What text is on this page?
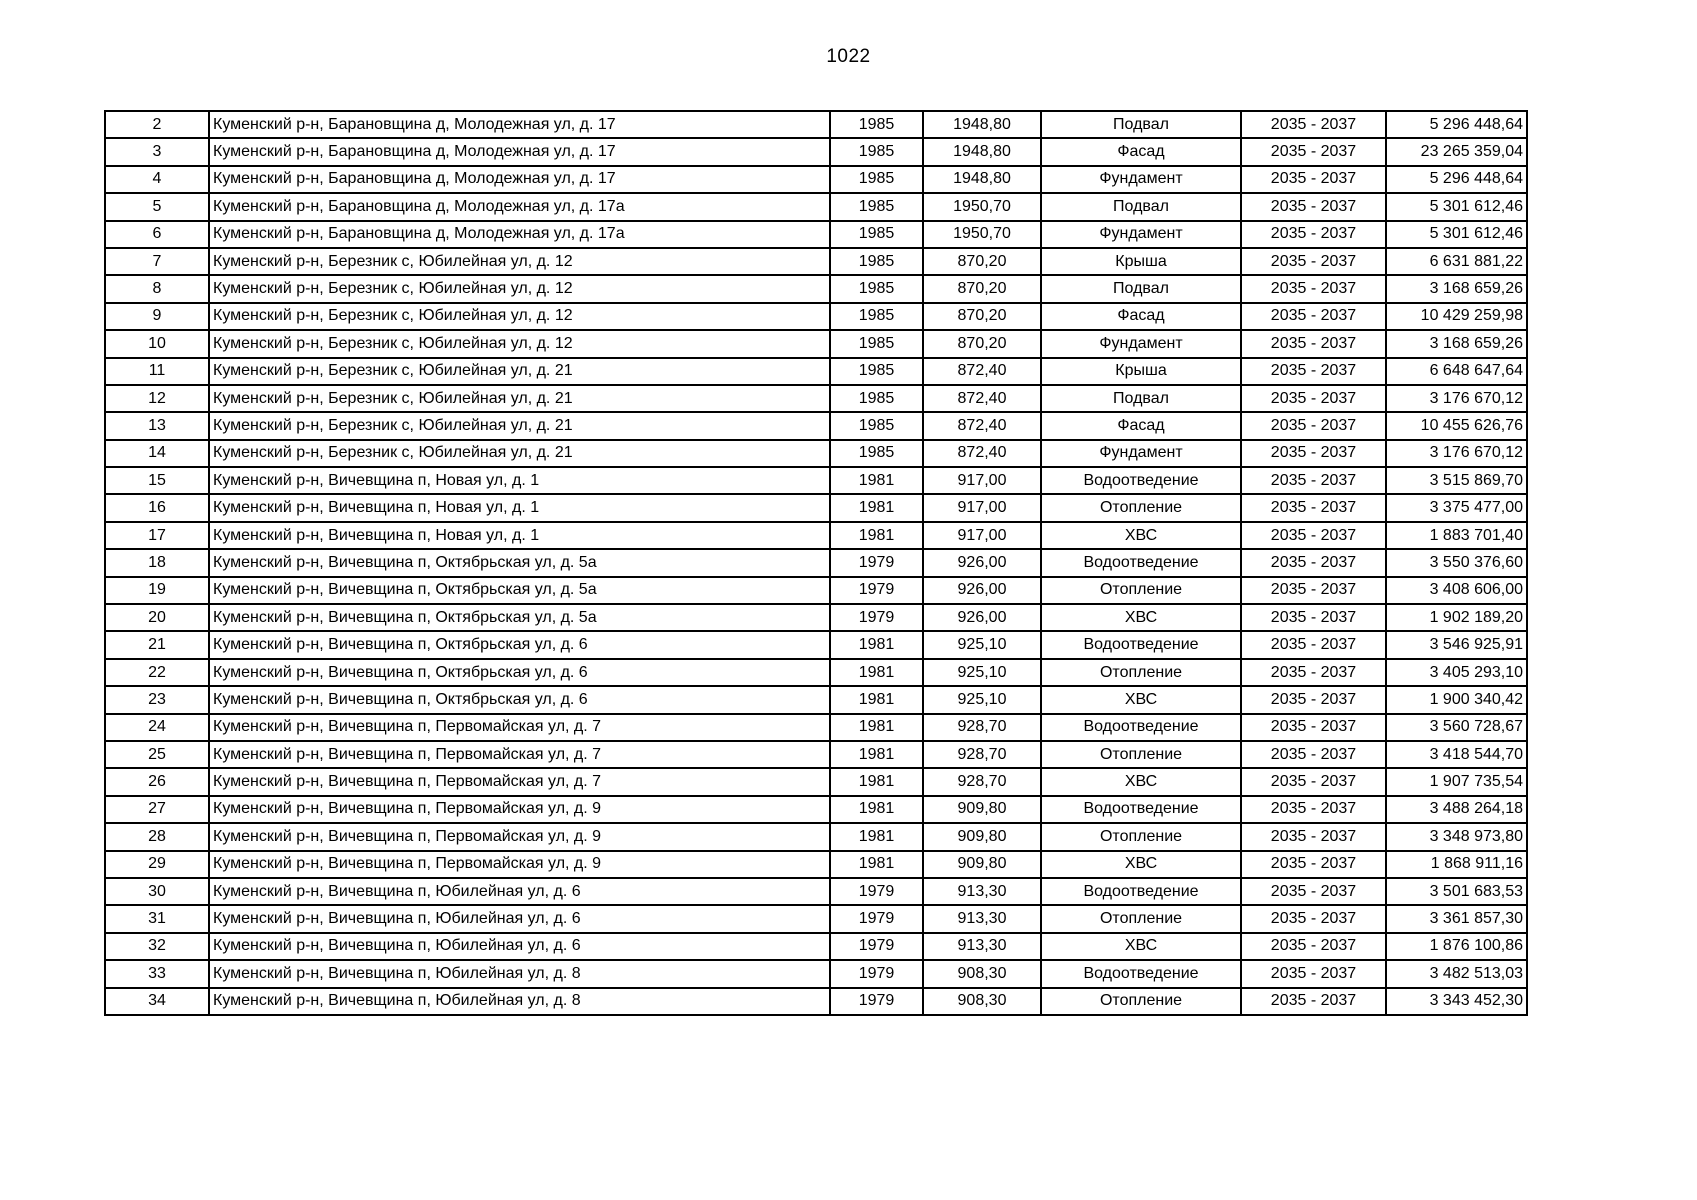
1022
2	Куменский р-н, Барановщина д, Молодежная ул, д. 17	1985	1948,80	Подвал	2035 - 2037	5 296 448,64
3	Куменский р-н, Барановщина д, Молодежная ул, д. 17	1985	1948,80	Фасад	2035 - 2037	23 265 359,04
4	Куменский р-н, Барановщина д, Молодежная ул, д. 17	1985	1948,80	Фундамент	2035 - 2037	5 296 448,64
5	Куменский р-н, Барановщина д, Молодежная ул, д. 17а	1985	1950,70	Подвал	2035 - 2037	5 301 612,46
6	Куменский р-н, Барановщина д, Молодежная ул, д. 17а	1985	1950,70	Фундамент	2035 - 2037	5 301 612,46
7	Куменский р-н, Березник с, Юбилейная ул, д. 12	1985	870,20	Крыша	2035 - 2037	6 631 881,22
8	Куменский р-н, Березник с, Юбилейная ул, д. 12	1985	870,20	Подвал	2035 - 2037	3 168 659,26
9	Куменский р-н, Березник с, Юбилейная ул, д. 12	1985	870,20	Фасад	2035 - 2037	10 429 259,98
10	Куменский р-н, Березник с, Юбилейная ул, д. 12	1985	870,20	Фундамент	2035 - 2037	3 168 659,26
11	Куменский р-н, Березник с, Юбилейная ул, д. 21	1985	872,40	Крыша	2035 - 2037	6 648 647,64
12	Куменский р-н, Березник с, Юбилейная ул, д. 21	1985	872,40	Подвал	2035 - 2037	3 176 670,12
13	Куменский р-н, Березник с, Юбилейная ул, д. 21	1985	872,40	Фасад	2035 - 2037	10 455 626,76
14	Куменский р-н, Березник с, Юбилейная ул, д. 21	1985	872,40	Фундамент	2035 - 2037	3 176 670,12
15	Куменский р-н, Вичевщина п, Новая ул, д. 1	1981	917,00	Водоотведение	2035 - 2037	3 515 869,70
16	Куменский р-н, Вичевщина п, Новая ул, д. 1	1981	917,00	Отопление	2035 - 2037	3 375 477,00
17	Куменский р-н, Вичевщина п, Новая ул, д. 1	1981	917,00	ХВС	2035 - 2037	1 883 701,40
18	Куменский р-н, Вичевщина п, Октябрьская ул, д. 5а	1979	926,00	Водоотведение	2035 - 2037	3 550 376,60
19	Куменский р-н, Вичевщина п, Октябрьская ул, д. 5а	1979	926,00	Отопление	2035 - 2037	3 408 606,00
20	Куменский р-н, Вичевщина п, Октябрьская ул, д. 5а	1979	926,00	ХВС	2035 - 2037	1 902 189,20
21	Куменский р-н, Вичевщина п, Октябрьская ул, д. 6	1981	925,10	Водоотведение	2035 - 2037	3 546 925,91
22	Куменский р-н, Вичевщина п, Октябрьская ул, д. 6	1981	925,10	Отопление	2035 - 2037	3 405 293,10
23	Куменский р-н, Вичевщина п, Октябрьская ул, д. 6	1981	925,10	ХВС	2035 - 2037	1 900 340,42
24	Куменский р-н, Вичевщина п, Первомайская ул, д. 7	1981	928,70	Водоотведение	2035 - 2037	3 560 728,67
25	Куменский р-н, Вичевщина п, Первомайская ул, д. 7	1981	928,70	Отопление	2035 - 2037	3 418 544,70
26	Куменский р-н, Вичевщина п, Первомайская ул, д. 7	1981	928,70	ХВС	2035 - 2037	1 907 735,54
27	Куменский р-н, Вичевщина п, Первомайская ул, д. 9	1981	909,80	Водоотведение	2035 - 2037	3 488 264,18
28	Куменский р-н, Вичевщина п, Первомайская ул, д. 9	1981	909,80	Отопление	2035 - 2037	3 348 973,80
29	Куменский р-н, Вичевщина п, Первомайская ул, д. 9	1981	909,80	ХВС	2035 - 2037	1 868 911,16
30	Куменский р-н, Вичевщина п, Юбилейная ул, д. 6	1979	913,30	Водоотведение	2035 - 2037	3 501 683,53
31	Куменский р-н, Вичевщина п, Юбилейная ул, д. 6	1979	913,30	Отопление	2035 - 2037	3 361 857,30
32	Куменский р-н, Вичевщина п, Юбилейная ул, д. 6	1979	913,30	ХВС	2035 - 2037	1 876 100,86
33	Куменский р-н, Вичевщина п, Юбилейная ул, д. 8	1979	908,30	Водоотведение	2035 - 2037	3 482 513,03
34	Куменский р-н, Вичевщина п, Юбилейная ул, д. 8	1979	908,30	Отопление	2035 - 2037	3 343 452,30
